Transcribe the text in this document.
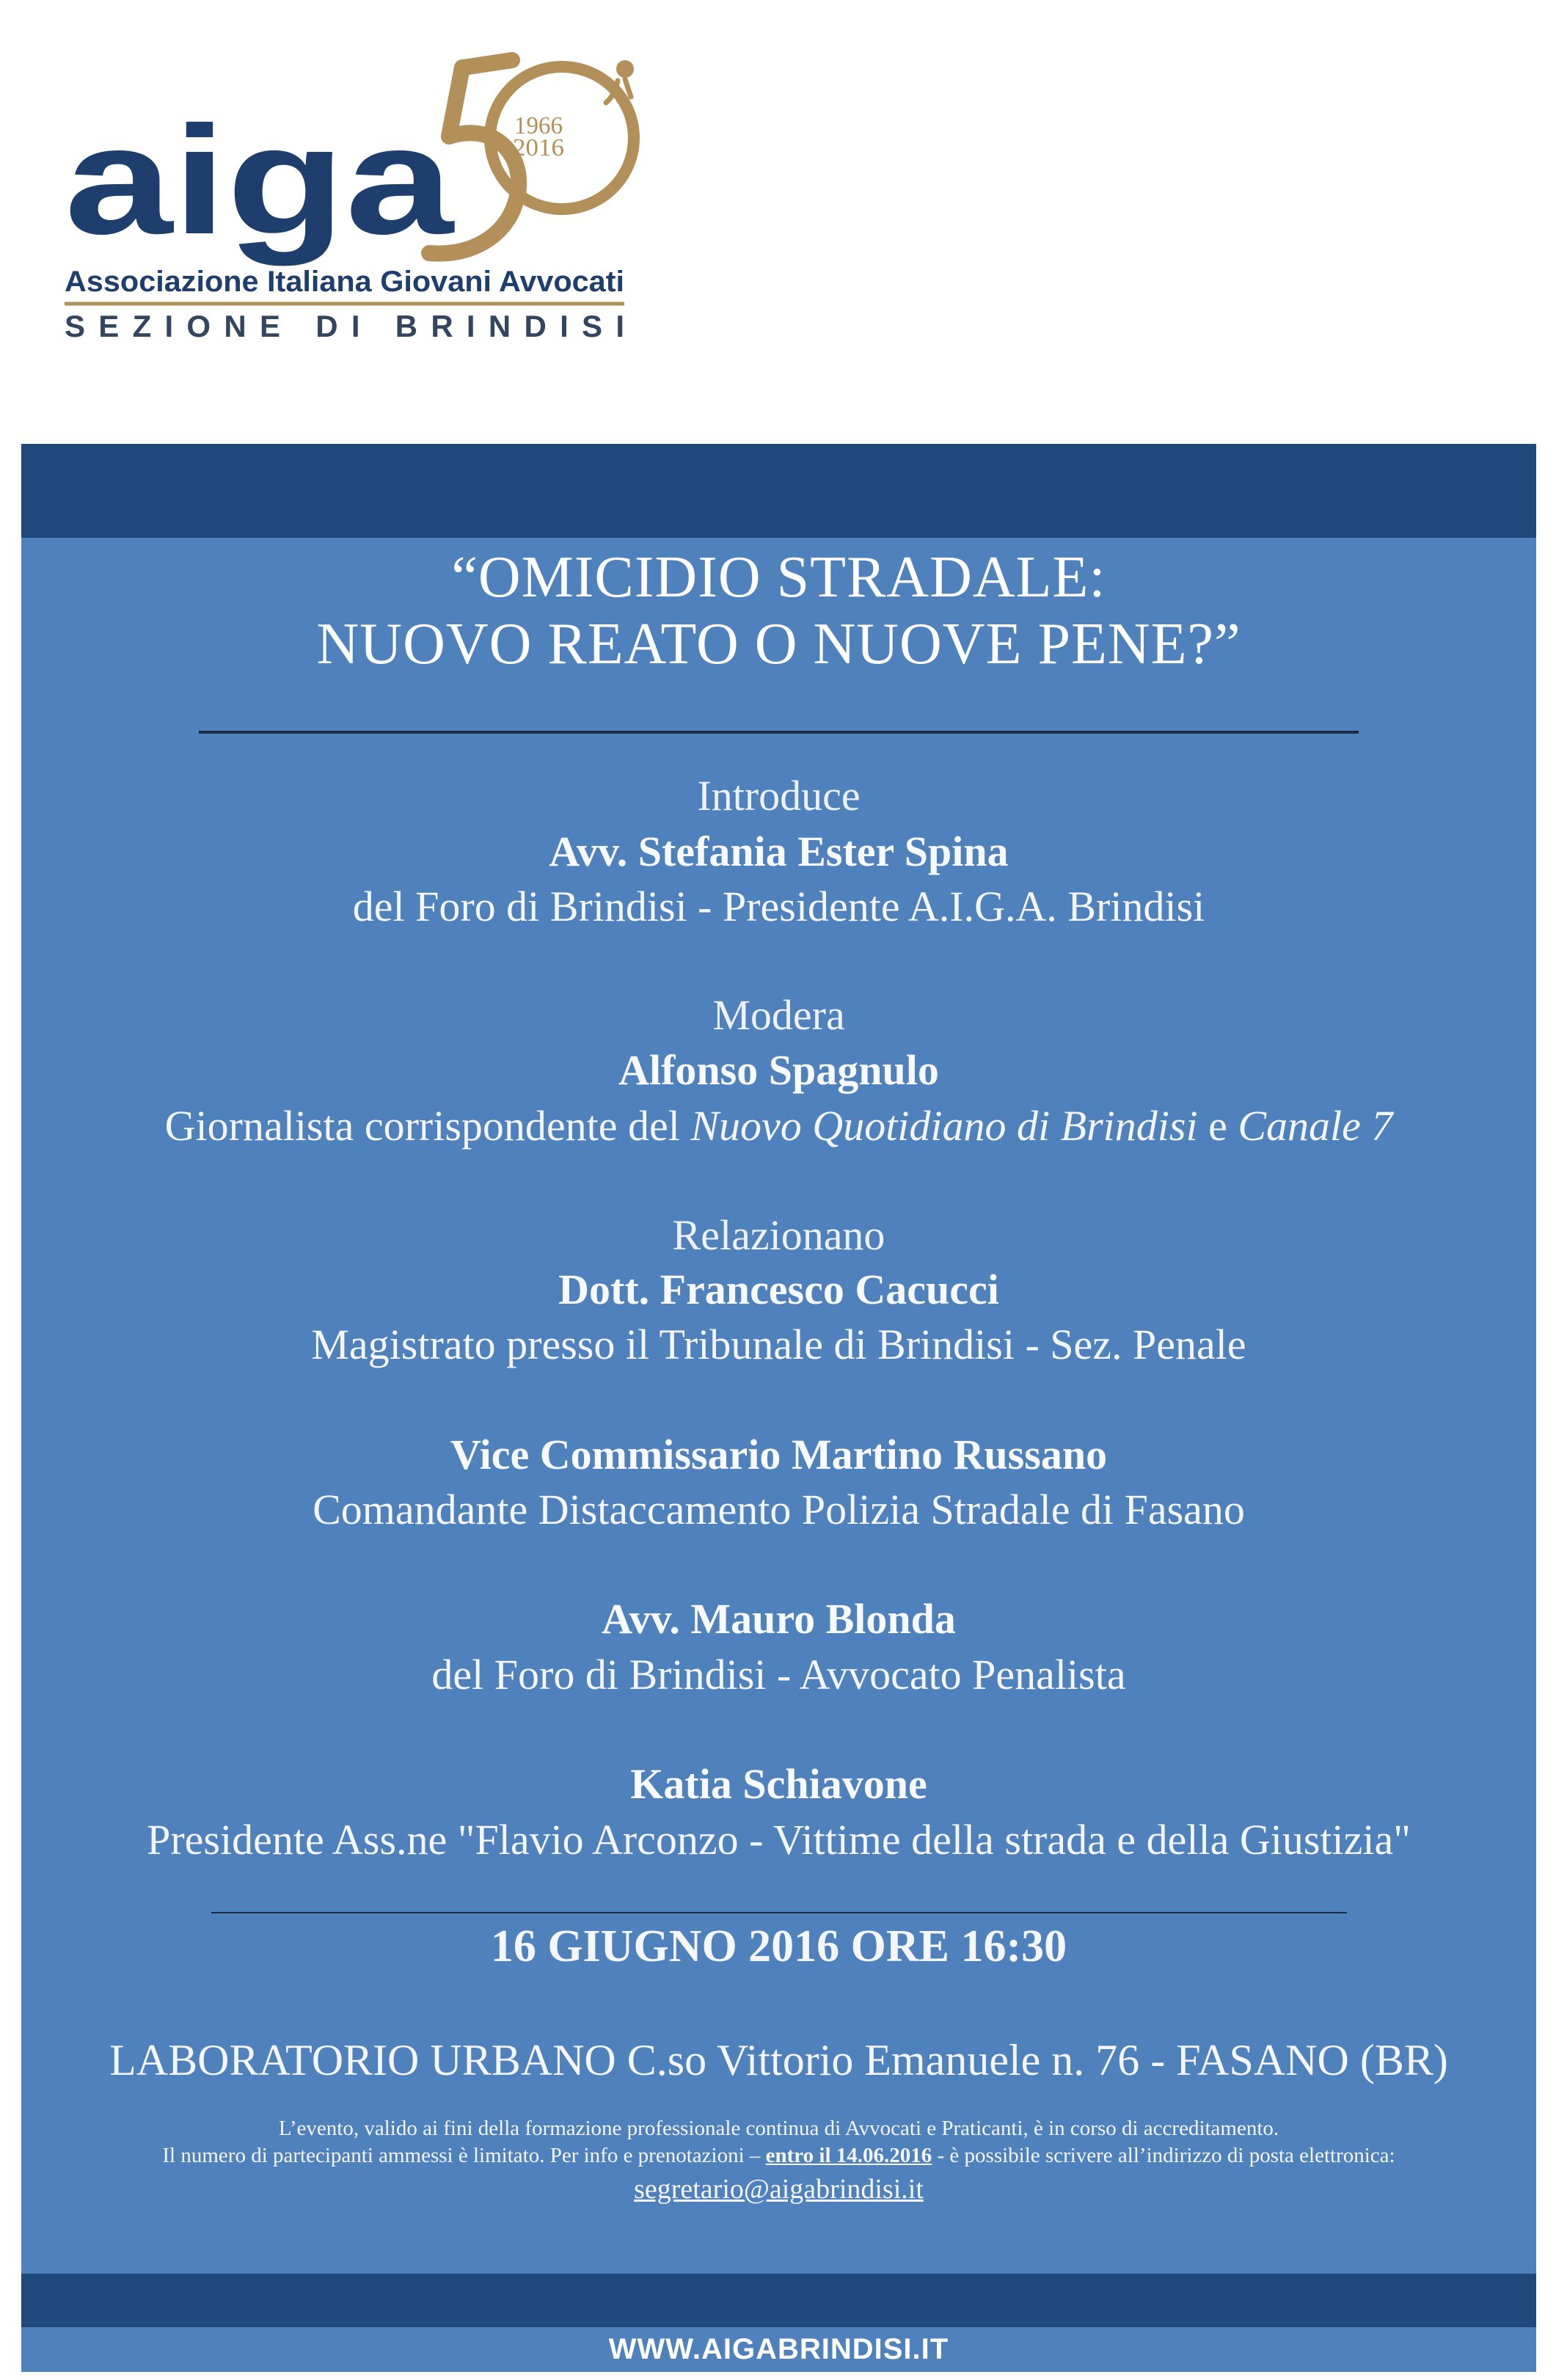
aiga 1966
2016
Associazione Italiana Giovani Avvocati
SEZIONE DI BRINDISI
“OMICIDIO STRADALE:
NUOVO REATO O NUOVE PENE?”
Introduce
Avv. Stefania Ester Spina
del Foro di Brindisi - Presidente A.I.G.A. Brindisi
Modera
Alfonso Spagnulo
Giornalista corrispondente del Nuovo Quotidiano di Brindisi e Canale 7
Relazionano
Dott. Francesco Cacucci
Magistrato presso il Tribunale di Brindisi - Sez. Penale
Vice Commissario Martino Russano
Comandante Distaccamento Polizia Stradale di Fasano
Avv. Mauro Blonda
del Foro di Brindisi - Avvocato Penalista
Katia Schiavone
Presidente Ass.ne "Flavio Arconzo - Vittime della strada e della Giustizia"
16 GIUGNO 2016 ORE 16:30
LABORATORIO URBANO C.so Vittorio Emanuele n. 76 - FASANO (BR)
L’evento, valido ai fini della formazione professionale continua di Avvocati e Praticanti, è in corso di accreditamento.
Il numero di partecipanti ammessi è limitato. Per info e prenotazioni – entro il 14.06.2016 - è possibile scrivere all’indirizzo di posta elettronica:
segretario@aigabrindisi.it
WWW.AIGABRINDISI.IT
